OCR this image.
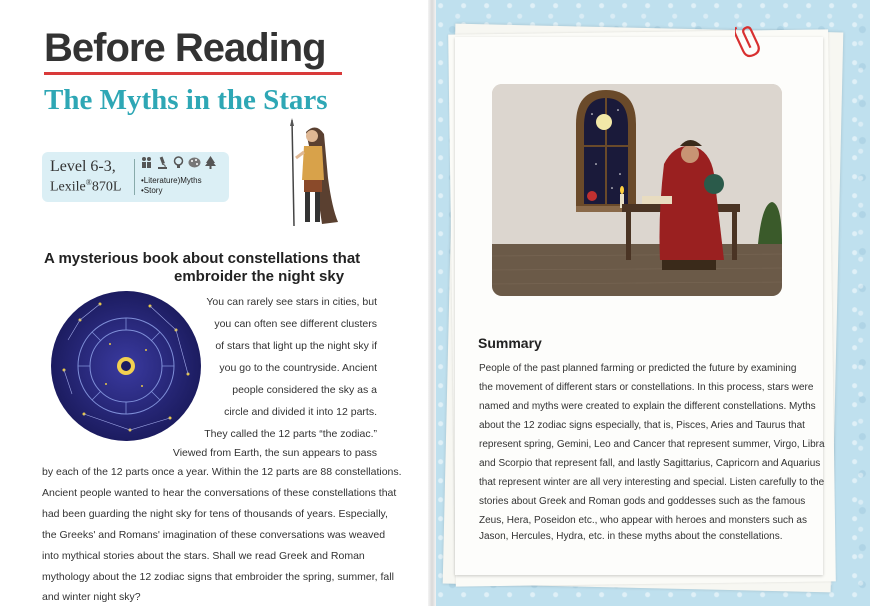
Before Reading
The Myths in the Stars
Level 6-3,
Lexile®870L •Literature)Myths
•Story
A mysterious book about constellations that
embroider the night sky
You can rarely see stars in cities, but
you can often see different clusters
of stars that light up the night sky if
you go to the countryside. Ancient
people considered the sky as a
circle and divided it into 12 parts.
They called the 12 parts “the zodiac.”
Viewed from Earth, the sun appears to pass
by each of the 12 parts once a year. Within the 12 parts are 88 constellations.
Ancient people wanted to hear the conversations of these constellations that
had been guarding the night sky for tens of thousands of years. Especially,
the Greeks' and Romans' imagination of these conversations was weaved
into mythical stories about the stars. Shall we read Greek and Roman
mythology about the 12 zodiac signs that embroider the spring, summer, fall
and winter night sky?
Summary
People of the past planned farming or predicted the future by examining
the movement of different stars or constellations. In this process, stars were
named and myths were created to explain the different constellations. Myths
about the 12 zodiac signs especially, that is, Pisces, Aries and Taurus that
represent spring, Gemini, Leo and Cancer that represent summer, Virgo, Libra
and Scorpio that represent fall, and lastly Sagittarius, Capricorn and Aquarius
that represent winter are all very interesting and special. Listen carefully to the
stories about Greek and Roman gods and goddesses such as the famous
Zeus, Hera, Poseidon etc., who appear with heroes and monsters such as
Jason, Hercules, Hydra, etc. in these myths about the constellations.
